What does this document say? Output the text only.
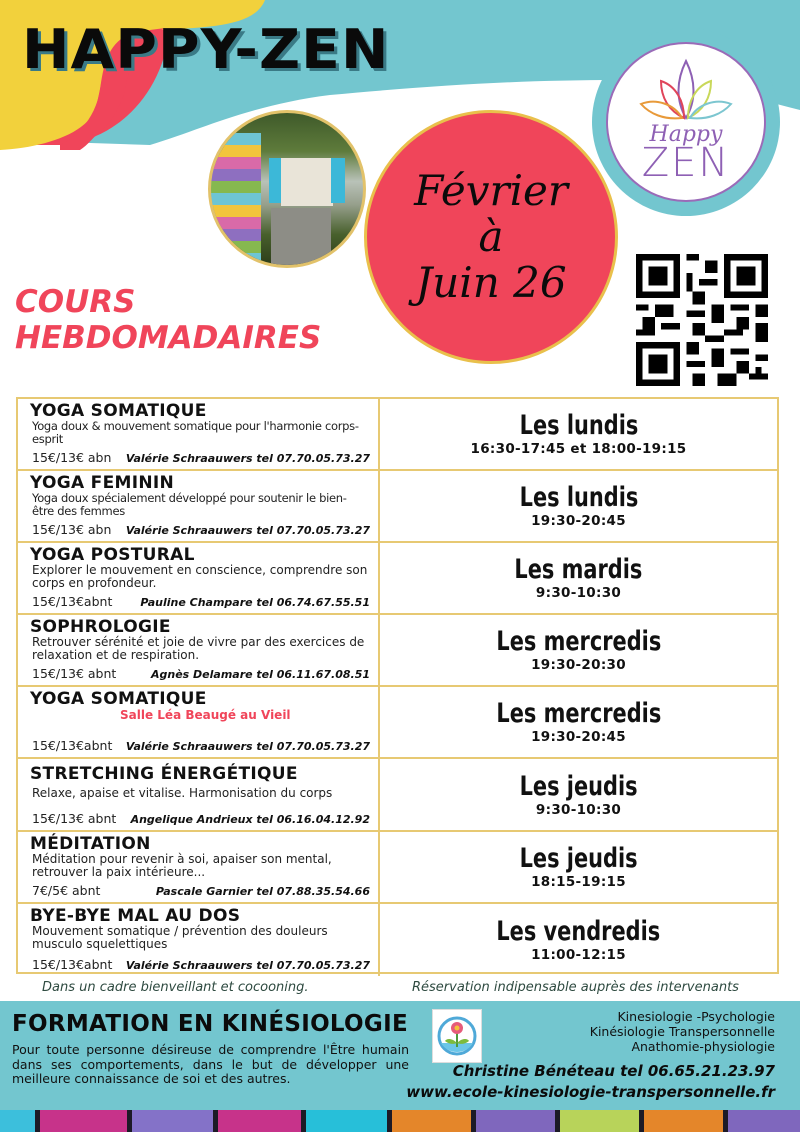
HAPPY-ZEN
Happy
ZEN
Février
à
Juin 26
COURS
HEBDOMADAIRES
YOGA SOMATIQUE
Yoga doux & mouvement somatique pour l'harmonie corps-esprit
15€/13€ abn Valérie Schraauwers tel 07.70.05.73.27
Les lundis
16:30-17:45 et 18:00-19:15
YOGA FEMININ
Yoga doux spécialement développé pour soutenir le bien-être des femmes
15€/13€ abn Valérie Schraauwers tel 07.70.05.73.27
Les lundis
19:30-20:45
YOGA POSTURAL
Explorer le mouvement en conscience, comprendre son corps en profondeur.
15€/13€abnt	Pauline Champare tel 06.74.67.55.51
Les mardis
9:30-10:30
SOPHROLOGIE
Retrouver sérénité et joie de vivre par des exercices de relaxation et de respiration.
15€/13€ abnt	Agnès Delamare tel 06.11.67.08.51
Les mercredis
19:30-20:30
YOGA SOMATIQUE
Salle Léa Beaugé au Vieil
15€/13€abnt Valérie Schraauwers tel 07.70.05.73.27
Les mercredis
19:30-20:45
STRETCHING ÉNERGÉTIQUE
Relaxe, apaise et vitalise. Harmonisation du corps
15€/13€ abnt Angelique Andrieux tel 06.16.04.12.92
Les jeudis
9:30-10:30
MÉDITATION
Méditation pour revenir à soi, apaiser son mental, retrouver la paix intérieure...
7€/5€ abnt	Pascale Garnier tel 07.88.35.54.66
Les jeudis
18:15-19:15
BYE-BYE MAL AU DOS
Mouvement somatique / prévention des douleurs musculo squelettiques
15€/13€abnt Valérie Schraauwers tel 07.70.05.73.27
Les vendredis
11:00-12:15
Dans un cadre bienveillant et cocooning.	Réservation indipensable auprès des intervenants
FORMATION EN KINÉSIOLOGIE
Pour toute personne désireuse de comprendre l'Être humain dans ses comportements, dans le but de développer une meilleure connaissance de soi et des autres.
Kinesiologie -Psychologie
Kinésiologie Transpersonnelle
Anathomie-physiologie
Christine Bénéteau tel 06.65.21.23.97
www.ecole-kinesiologie-transpersonnelle.fr
